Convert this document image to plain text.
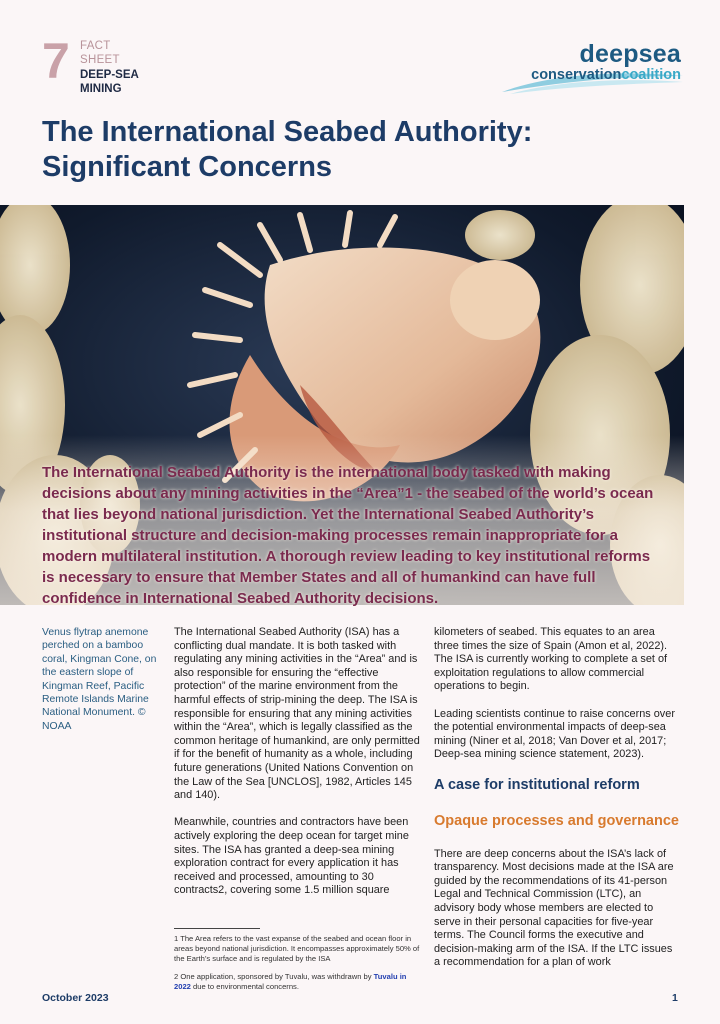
7 FACT
SHEET
DEEP-SEA
MINING
deepsea
conservationcoalition
The International Seabed Authority: Significant Concerns

The International Seabed Authority is the international body tasked with making decisions about any mining activities in the “Area”1 - the seabed of the world’s ocean that lies beyond national jurisdiction. Yet the International Seabed Authority’s institutional structure and decision-making processes remain inappropriate for a modern multilateral institution. A thorough review leading to key institutional reforms is necessary to ensure that Member States and all of humankind can have full confidence in International Seabed Authority decisions.

Venus flytrap anemone perched on a bamboo coral, Kingman Cone, on the eastern slope of Kingman Reef, Pacific Remote Islands Marine National Monument. © NOAA

The International Seabed Authority (ISA) has a conflicting dual mandate. It is both tasked with regulating any mining activities in the “Area” and is also responsible for ensuring the “effective protection” of the marine environment from the harmful effects of strip-mining the deep. The ISA is responsible for ensuring that any mining activities within the “Area”, which is legally classified as the common heritage of humankind, are only permitted if for the benefit of humanity as a whole, including future generations (United Nations Convention on the Law of the Sea [UNCLOS], 1982, Articles 145 and 140).

Meanwhile, countries and contractors have been actively exploring the deep ocean for target mine sites. The ISA has granted a deep-sea mining exploration contract for every application it has received and processed, amounting to 30 contracts2, covering some 1.5 million square

1 The Area refers to the vast expanse of the seabed and ocean floor in areas beyond national jurisdiction. It encompasses approximately 50% of the Earth’s surface and is regulated by the ISA

2 One application, sponsored by Tuvalu, was withdrawn by Tuvalu in 2022 due to environmental concerns.

kilometers of seabed. This equates to an area three times the size of Spain (Amon et al, 2022). The ISA is currently working to complete a set of exploitation regulations to allow commercial operations to begin.

Leading scientists continue to raise concerns over the potential environmental impacts of deep-sea mining (Niner et al, 2018; Van Dover et al, 2017; Deep-sea mining science statement, 2023).

A case for institutional reform
Opaque processes and governance

There are deep concerns about the ISA’s lack of transparency. Most decisions made at the ISA are guided by the recommendations of its 41-person Legal and Technical Commission (LTC), an advisory body whose members are elected to serve in their personal capacities for five-year terms. The Council forms the executive and decision-making arm of the ISA. If the LTC issues a recommendation for a plan of work

October 2023	1
